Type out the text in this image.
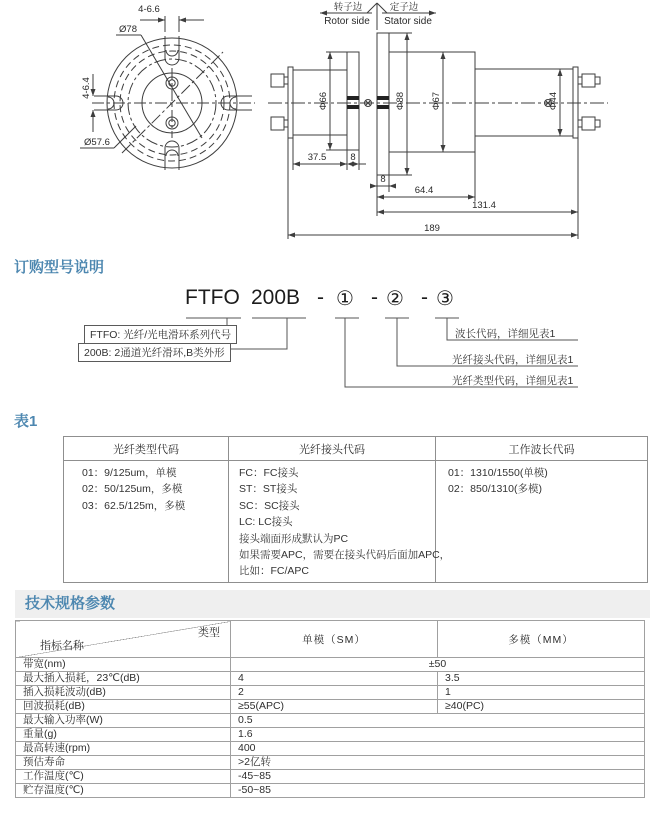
4-6.6
Ø78
4-6.4
Ø57.6
转子边
Rotor side
定子边
Stator side
Φ66	Φ88	Φ67	Φ44
37.5	8
8
64.4
131.4
189
订购型号说明
FTFO 200B - ① - ② - ③
FTFO: 光纤/光电滑环系列代号
200B: 2通道光纤滑环,B类外形
波长代码，详细见表1
光纤接头代码，详细见表1
光纤类型代码，详细见表1
表1
光纤类型代码	光纤接头代码	工作波长代码

01：9/125um，单模
02：50/125um，多模
03：62.5/125m，多模

FC：FC接头
ST：ST接头
SC：SC接头
LC: LC接头
接头端面形成默认为PC
如果需要APC，需要在接头代码后面加APC，
比如：FC/APC

01：1310/1550(单模)
02：850/1310(多模)
技术规格参数
类型
指标名称	单模（SM）	多模（MM）
带宽(nm)	±50	
最大插入损耗，23℃(dB)	4	3.5
插入损耗波动(dB)	2	1
回波损耗(dB)	≥55(APC)	≥40(PC)
最大输入功率(W)	0.5	
重量(g)	1.6	
最高转速(rpm)	400	
预估寿命	>2亿转	
工作温度(℃)	-45~85	
贮存温度(℃)	-50~85	
